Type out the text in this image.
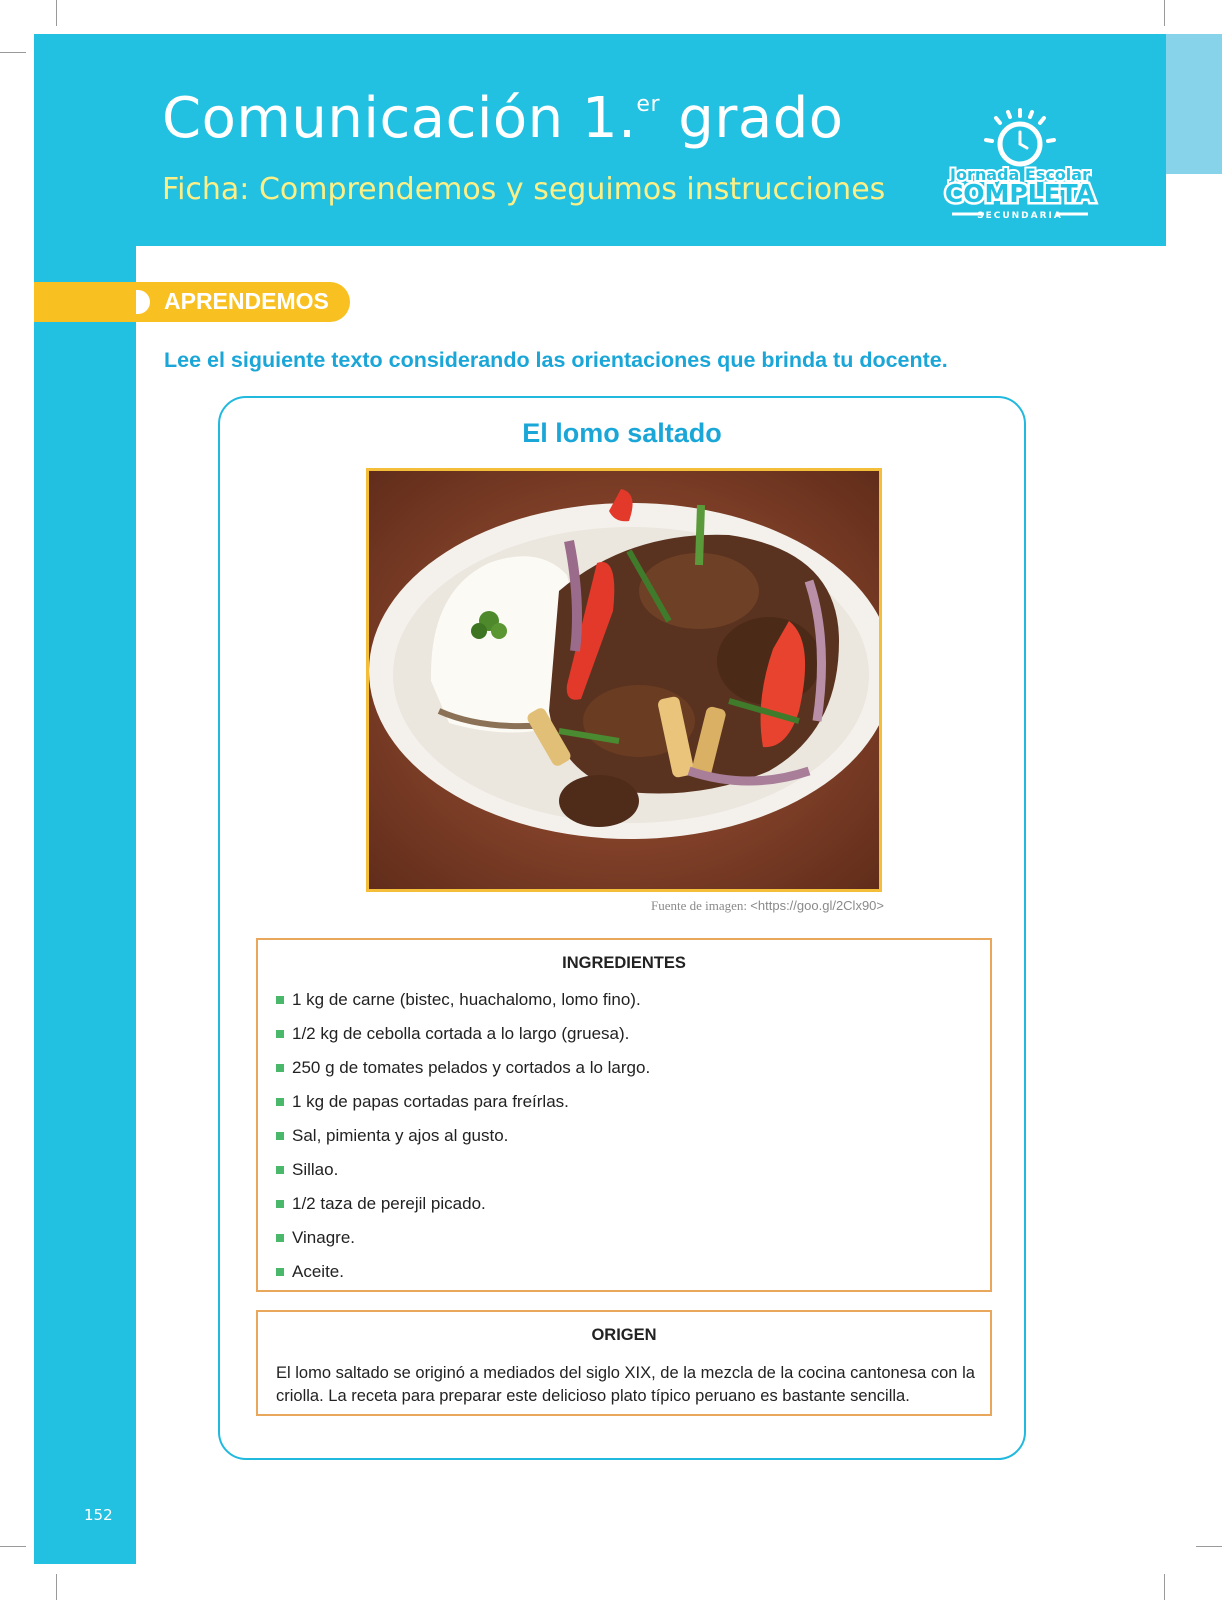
Comunicación 1.$^{er}$ grado
Ficha: Comprendemos y seguimos instrucciones	Jornada Escolar
COMPLETA
SECUNDARIA
APRENDEMOS
Lee el siguiente texto considerando las orientaciones que brinda tu docente.
El lomo saltado
Fuente de imagen: <https://goo.gl/2Clx90>
INGREDIENTES
1 kg de carne (bistec, huachalomo, lomo fino).
1/2 kg de cebolla cortada a lo largo (gruesa).
250 g de tomates pelados y cortados a lo largo.
1 kg de papas cortadas para freírlas.
Sal, pimienta y ajos al gusto.
Sillao.
1/2 taza de perejil picado.
Vinagre.
Aceite.
ORIGEN
El lomo saltado se originó a mediados del siglo XIX, de la mezcla de la cocina cantonesa con la criolla. La receta para preparar este delicioso plato típico peruano es bastante sencilla.
152
